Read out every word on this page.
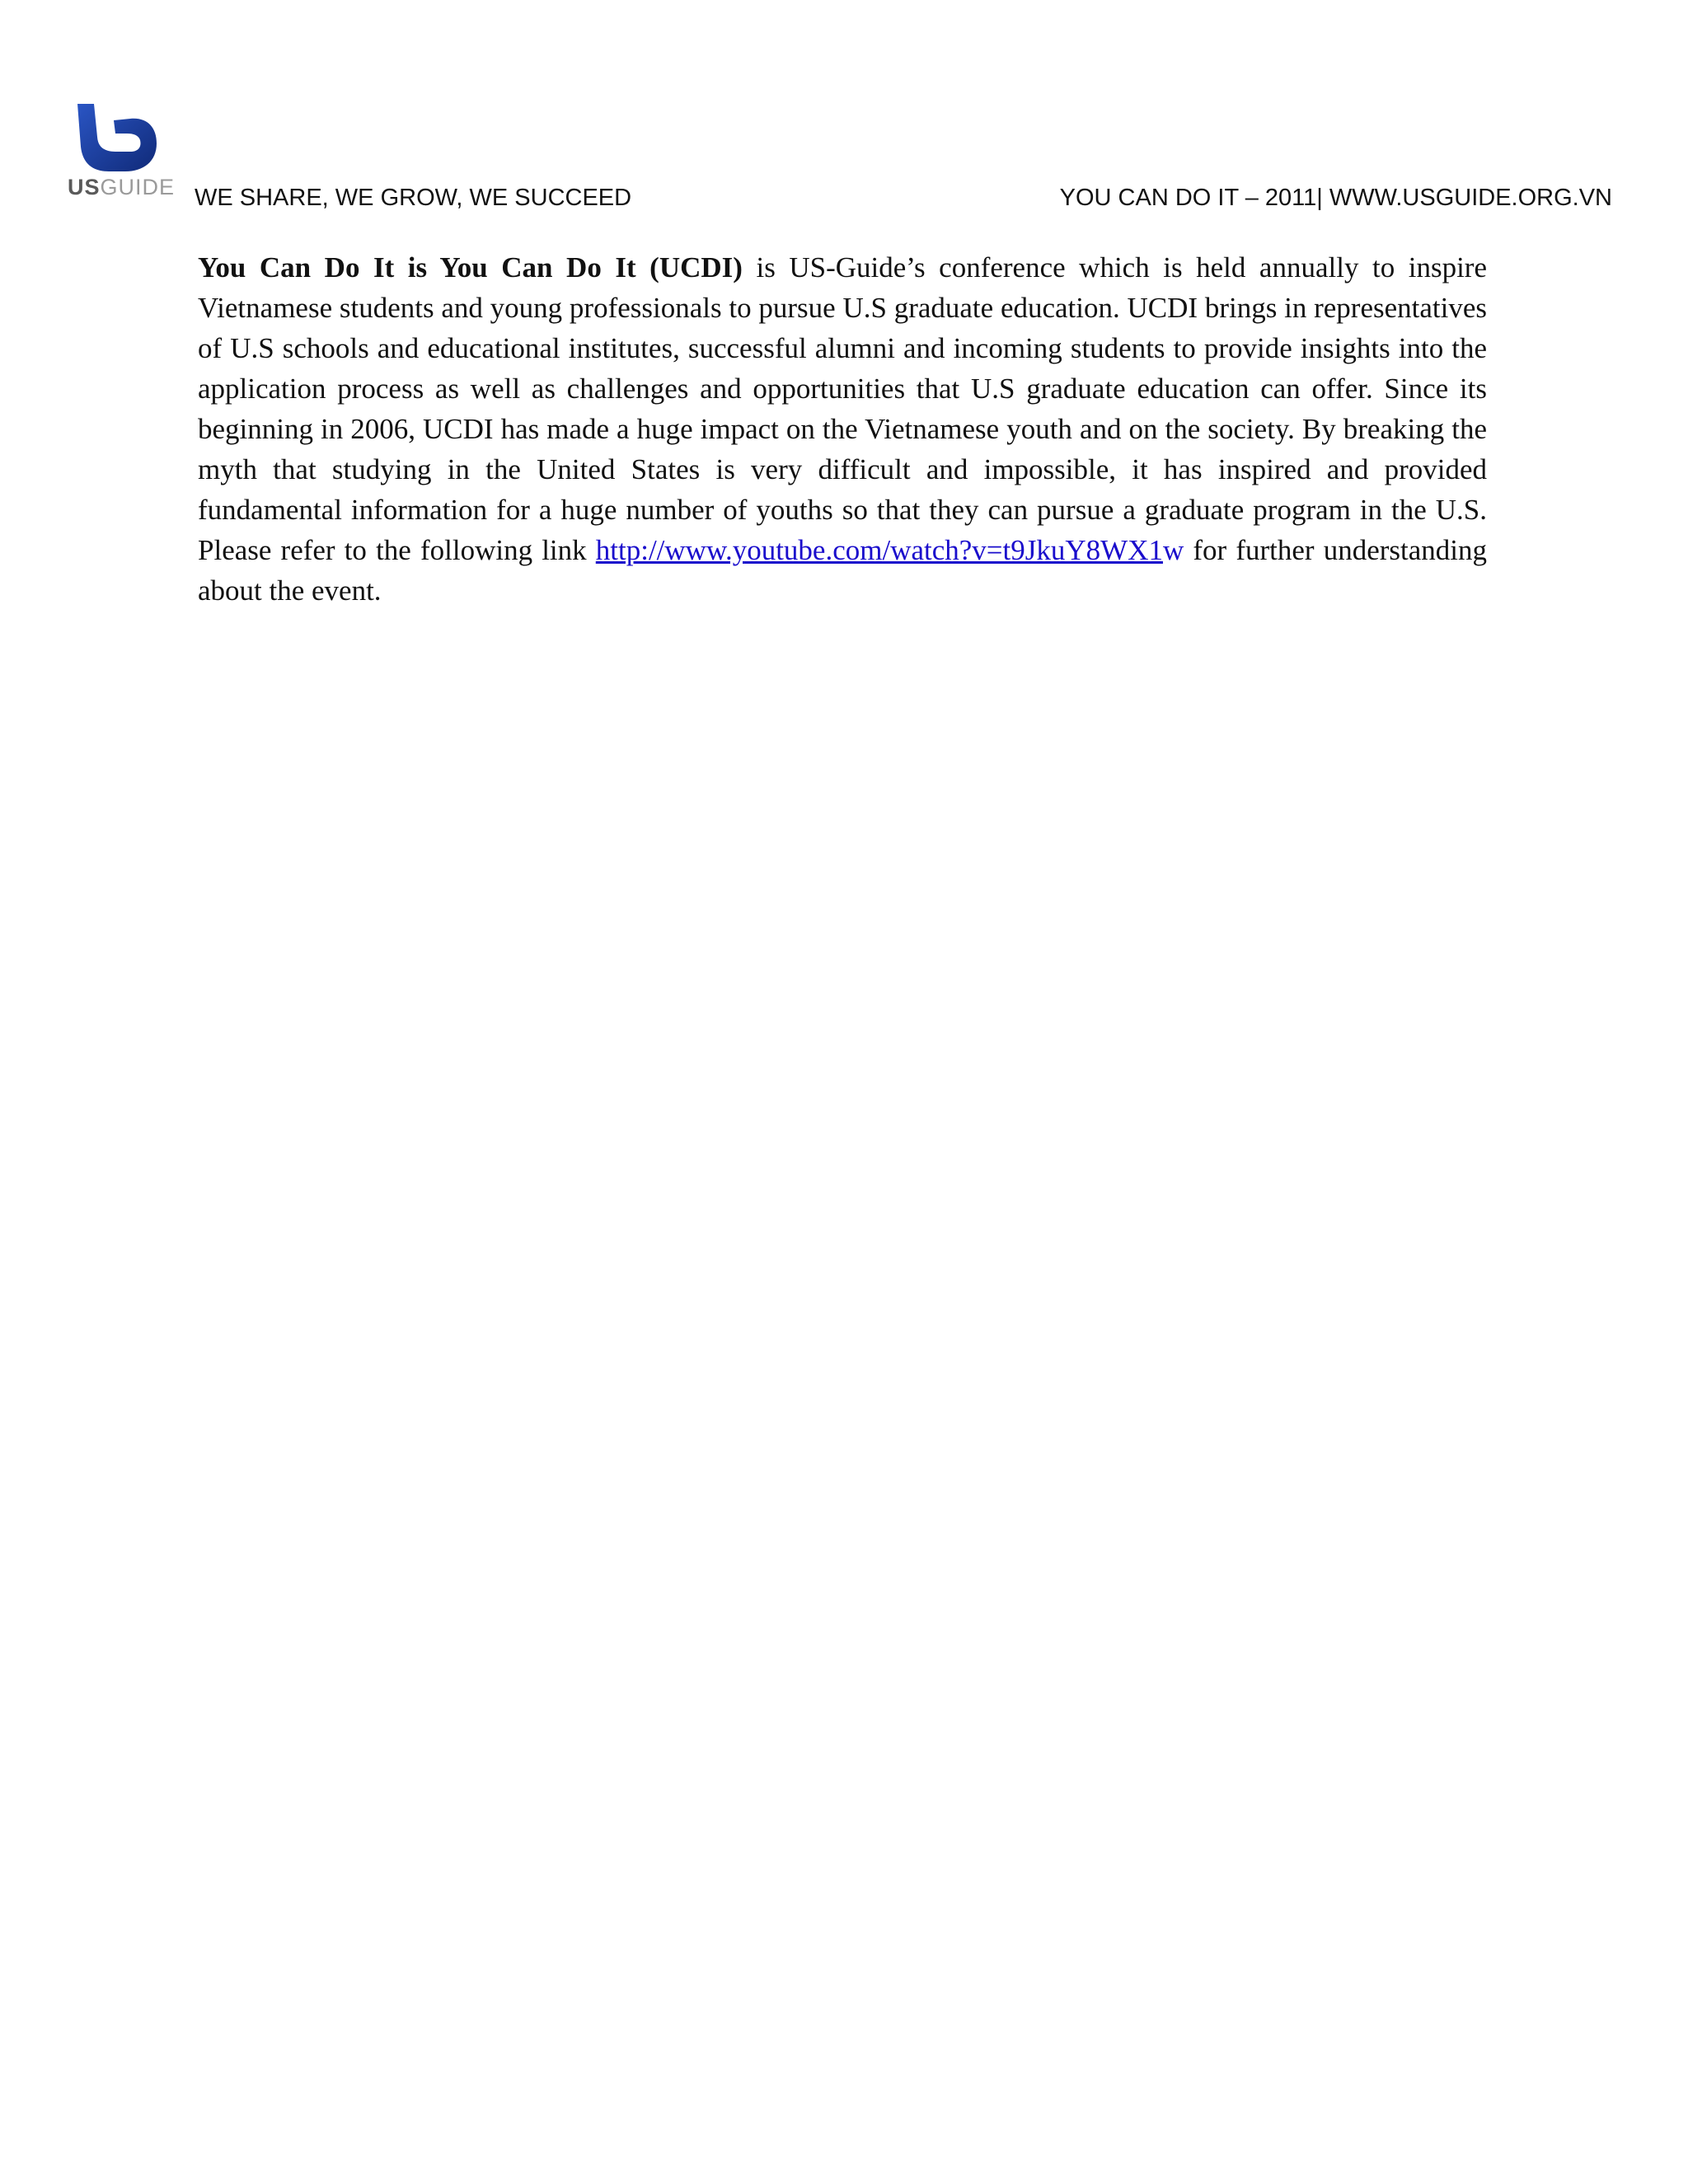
USGUIDE WE SHARE, WE GROW, WE SUCCEED	YOU CAN DO IT – 2011| WWW.USGUIDE.ORG.VN

You Can Do It is You Can Do It (UCDI) is US-Guide’s conference which is held annually to inspire Vietnamese students and young professionals to pursue U.S graduate education. UCDI brings in representatives of U.S schools and educational institutes, successful alumni and incoming students to provide insights into the application process as well as challenges and opportunities that U.S graduate education can offer. Since its beginning in 2006, UCDI has made a huge impact on the Vietnamese youth and on the society. By breaking the myth that studying in the United States is very difficult and impossible, it has inspired and provided fundamental information for a huge number of youths so that they can pursue a graduate program in the U.S. Please refer to the following link http://www.youtube.com/watch?v=t9JkuY8WX1w for further understanding about the event.
